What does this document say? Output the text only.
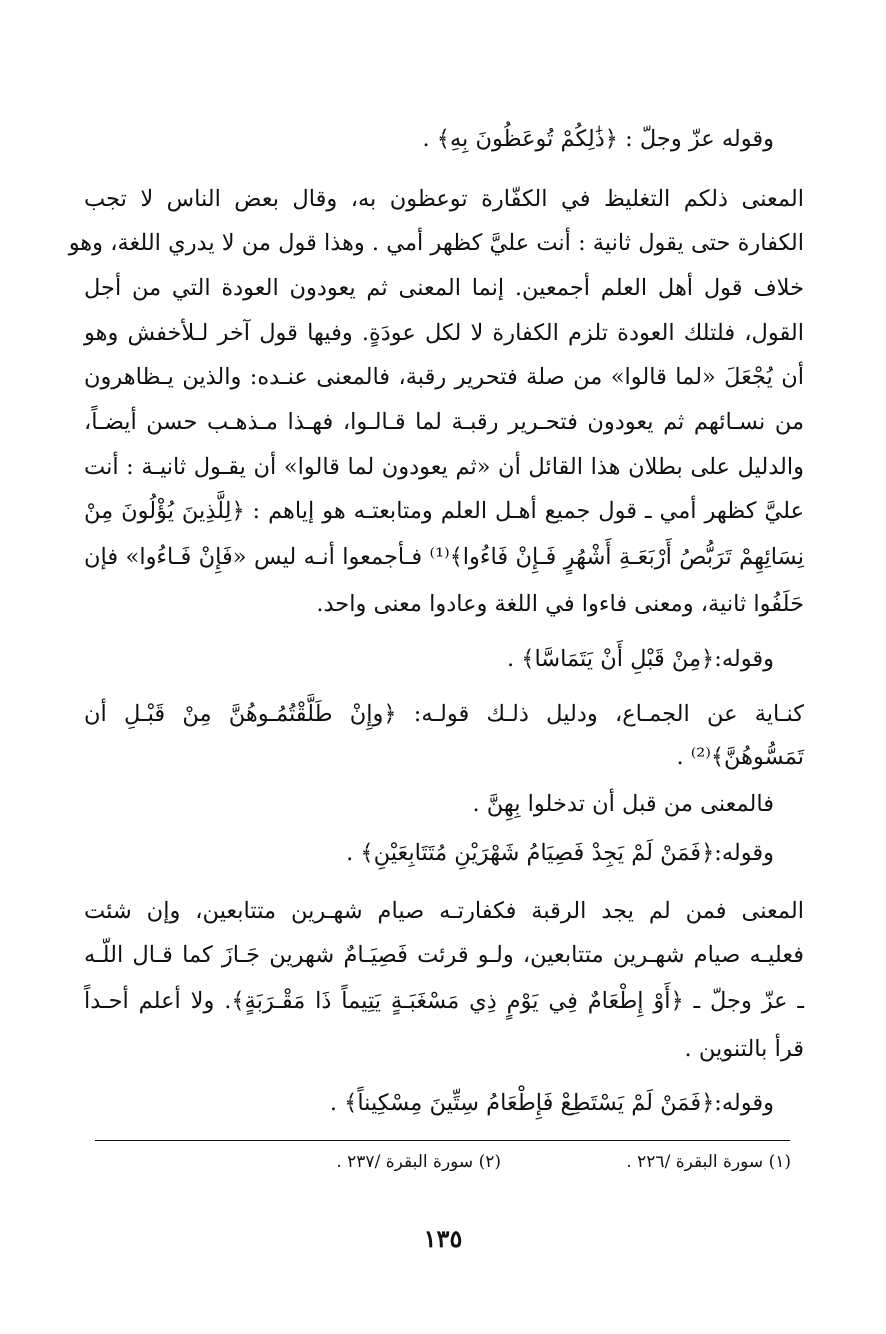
وقوله عزّ وجلّ : ﴿ذَٰلِكُمْ تُوعَظُونَ بِهِ﴾ .
المعنى ذلكم التغليظ في الكفّارة توعظون به، وقال بعض الناس لا تجب
الكفارة حتى يقول ثانية : أنت عليَّ كظهر أمي . وهذا قول من لا يدري اللغة، وهو
خلاف قول أهل العلم أجمعين. إنما المعنى ثم يعودون العودة التي من أجل
القول، فلتلك العودة تلزم الكفارة لا لكل عودَةٍ. وفيها قول آخر لـلأخفش وهو
أن يُجْعَلَ «لما قالوا» من صلة فتحرير رقبة، فالمعنى عنـده: والذين يـظاهرون
من نسـائهم ثم يعودون فتحـرير رقبـة لما قـالـوا، فهـذا مـذهـب حسن أيضـاً،
والدليل على بطلان هذا القائل أن «ثم يعودون لما قالوا» أن يقـول ثانيـة : أنت
عليَّ كظهر أمي ـ قول جميع أهـل العلم ومتابعتـه هو إياهم : ﴿لِلَّذِينَ يُؤْلُونَ مِنْ
نِسَائِهِمْ تَرَبُّصُ أَرْبَعَـةِ أَشْهُرٍ فَـإِنْ فَاءُوا﴾⁽¹⁾ فـأجمعوا أنـه ليس «فَإِنْ فَـاءُوا» فإن
حَلَفُوا ثانية، ومعنى فاءوا في اللغة وعادوا معنى واحد.
وقوله:﴿مِنْ قَبْلِ أَنْ يَتَمَاسَّا﴾ .
كنـاية عن الجمـاع، ودليل ذلـك قولـه: ﴿وإِنْ طَلَّقْتُمُـوهُنَّ مِنْ قَبْـلِ أن
تَمَسُّوهُنَّ﴾⁽²⁾ .
فالمعنى من قبل أن تدخلوا بِهِنَّ .
وقوله:﴿فَمَنْ لَمْ يَجِدْ فَصِيَامُ شَهْرَيْنِ مُتَتَابِعَيْنِ﴾ .
المعنى فمن لم يجد الرقبة فكفارتـه صيام شهـرين متتابعين، وإن شئت
فعليـه صيام شهـرين متتابعين، ولـو قرئت فَصِيَـامٌ شهرين جَـازَ كما قـال اللّـه
ـ عزّ وجلّ ـ ﴿أَوْ إِطْعَامٌ فِي يَوْمٍ ذِي مَسْغَبَـةٍ يَتِيماً ذَا مَقْـرَبَةٍ﴾. ولا أعلم أحـداً
قرأ بالتنوين .
وقوله:﴿فَمَنْ لَمْ يَسْتَطِعْ فَإِطْعَامُ سِتِّينَ مِسْكِيناً﴾ .
(١) سورة البقرة /٢٢٦ .
(٢) سورة البقرة /٢٣٧ .
١٣٥
